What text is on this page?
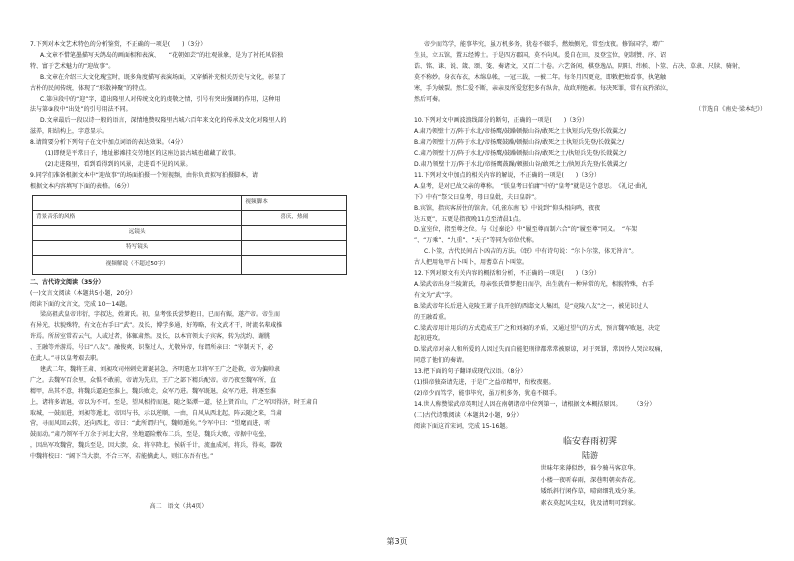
7.下列对本文艺术特色的分析鉴赏，不正确的一项是(　　)（3分）
A.文章不惜笔墨描写天鸽岛的画面相和表演、　　“花朝如芸”的壮观景象，是为了衬托风俗独
特、富于艺术魅力的“迎故事”。
B.文章在介绍三大文化瑰宝时，既多角度描写表演场面，又穿插补充相关历史与文化，彰显了
古朴的民间传统，体现了“形散神聚”的特点。
C.第⑭段中的“迎”字，道出隆里人对传统文化的虔敬之情，引号有突出强调的作用，这种用
法与第⑨段中“出处”的引号用法不同。
D.文章最后一段以诗一般的语言，深情地赞叹隆里古城六百年来文化的传承及文化对隆里人的
滋养，阳结构上，字意显示。
8.请简要分析下列句子在文中加点词语的表达效果。（4分）
(1)即便是平常日子，地址影滩挂交劳地区的这座边县古城也蕴藏了故事。
(2)走进隆里，看到看得到的风景，走进看不见的风景。
9.同学们准备根据文本中“迎故事”的场面拍摄一个短视频，由你负责拟写拍摄脚本，请
根据文本内容填写下面的表格。（6分）
	视频脚本
背景音乐的风格	喜庆，热闹
远镜头	
特写镜头	
视频解说（不超过50字）	
二、古代诗文阅读（35分）
(一)文言文阅读（本题共5小题，20分）
阅读下面的文言文，完成 10～14题。
梁高祖武皇帝讳衍，字叔达，姓萧氏。初，皇考张氏尝梦抱日，已而有娠，遂产帝。帝生而
有异光，状貌殊特，有文在右手曰“武”。及长，博学多通，好筹略，有文武才干，时流名辈咸推
许焉。所居室常若云气，人或过者，体辄肃然。及长，以本官领太子宾客，转为沈约、谢朓
、王融等并游焉，号曰“八友”。融俊爽，识鉴过人，尤敬异帝，每谓所亲曰：“宰制天下，必
在此人。”寻以皇考艰去职。
建武二年，魏将王肃、刘昶攻司州刺史萧诞甚急，齐明遣左卫将军王广之赴救，帝为偏帅隶
广之。去魏军百余里，众惧不敢前，帝请为先启，王广之部下精兵配帝。帝乃夜至魏军所，直
精甲，出其不意，将魏兵逼迫至淮上，魏兵败走，众军乃进。魏军既退，众军乃进，将逐至淮
上，诸将多请退，帝以为不可。至是，望风相持而退，随之渠潭一道，径上贤首山，广之军因得济，时王肃自
取城，一鼓而进，刘昶等遁北，帝因与书，示以逆顺，一由，自风从西北起，阵云随之来，当肃
营，寻而风回云转，还向西北，帝曰：“此所谓归气，魏师遁矣。”令军中曰：“望麾而进，听
鼓而动。”肃乃领军千万余于河北大营，坐地逼险敷布二兵，至是，魏兵大败，帝据中屯垒，
，因出军攻魏营，魏兵至是，因大溃，众、将卒降北，侯斩千计，流血成河，将兵，得夷，器戟
中魏将校曰：“阔下当大溃，不合三军，若能擒此人，则江东吾有也。”
高二　语文（共4页）
帝少而笃学，能事毕究，虽万机多务，犹卷不辍手，燃烛侧光，常至戊夜。修饰国学，增广
生员，立五馆，置五经博士。于是四方郡国，莫不向风。爰自在田，及登宝位，躬制赞、序、诏
诰、铭、诔、说、箴、颂、笺、奏诸文，又百二十卷。六艺备闲，棋登逸品，阴阳、纬候、卜筮、占决、草隶、尺牍、骑射，
莫不称妙。身衣布衣，木绵阜帐，一冠三载，一被二年。每冬月四更竟，即敕把烛看事，执笔触
寒，手为皴裂。然仁爱不断，亲亲及所爱愆犯多有纵舍，故政刑弛紊。每决死罪，常有哀矜涕泣，
然后可奏。
（节选自《南史·梁本纪》）
10.下列对文中画波浪线部分的断句，正确的一项是(　　)（3分）
A.肃乃领壁十万/阵于水北/帝扬鹰/鼓躁顿振山谷/敢死之士执短兵/先登/长戟翼之/
B.肃乃领壁十万/阵于水北/帝扬鹰鼓躁/顿振山谷/敢死之士执短兵先登/长戟翼之/
C.肃乃领壁十万/阵于水北/帝扬鹰/鼓躁顿振山谷/敢死之士/执短兵先登/长戟翼之/
D.肃乃领壁十万/阵于水北/帝扬鹰鼓躁/顿振山谷/敢死之士/执短兵先登/长戟翼之/
11.下列对文中加点的相关内容的解说，不正确的一项是(　　)（3分）
A.皇考，是对已故父亲的尊称。　“朕皇考曰伯庸”中的“皇考”就是这个意思。　《礼记·曲礼
下》中有“祭父曰皇考，母曰皇妣，夫曰皇辟”。
B.宾馆，指宾客居住的馆舍。《孔雀东南飞》中说到“仰头相向鸣，夜夜
达五更”，五更是指夜晚11点至清晨1点。
D.宣室位，指至尊之位。与《过秦论》中“履至尊而制六合”的“履至尊”同义。　“车架
”、“万乘”、“九重”、“天子”等同为帝位代称。
C.卜筮，古代民间占卜凶吉的方法。《氓》中有诗句说：“尔卜尔筮，体无咎言”。
古人把用龟甲占卜叫卜，用蓍草占卜叫筮。
12.下列对原文有关内容的概括和分析，不正确的一项是(　　)（3分）
A.梁武帝出身兰陵萧氏，母亲张氏曾梦抱日而孕，出生就有一种异常的光，相貌特殊，右手
有文为“武”字。
B.梁武帝年长后进入竟陵王萧子良开创的西邸文人集团，是“竟陵八友”之一，被见识过人
的王融看重。
C.梁武帝用计用兵的方式造成王广之和刘昶的矛盾，又通过望气的方式，预言魏军败退，决定
起初进攻。
D.梁武帝对亲人和所爱的人因过失而自能犯刑律都常常被原谅，对于死罪，常因怜人哭泣叹痛，
同意了他们的奏请。
13.把下面的句子翻译成现代汉语。（8分）
(1)惧帝独奋请先进，于是广之益帝精甲，衔枚夜驱。
(2)帝少而笃学，能事毕究，虽万机多务，犹卷不辍手。
14.世人称赞梁武帝英明过人因在南朝诸帝中位列第一，请根据文本概括原因。　　　（3分）
(二)古代诗歌阅读（本题共2小题，9分）
阅读下面这首宋词，完成 15-16题。
临安春雨初霁
陆游
世味年来薄似纱，谁令骑马客京华。
小楼一夜听春雨，深巷明朝卖杏花。
矮纸斜行闲作草，晴窗细乳戏分茶。
素衣莫起风尘叹，犹及清明可到家。
第3页
